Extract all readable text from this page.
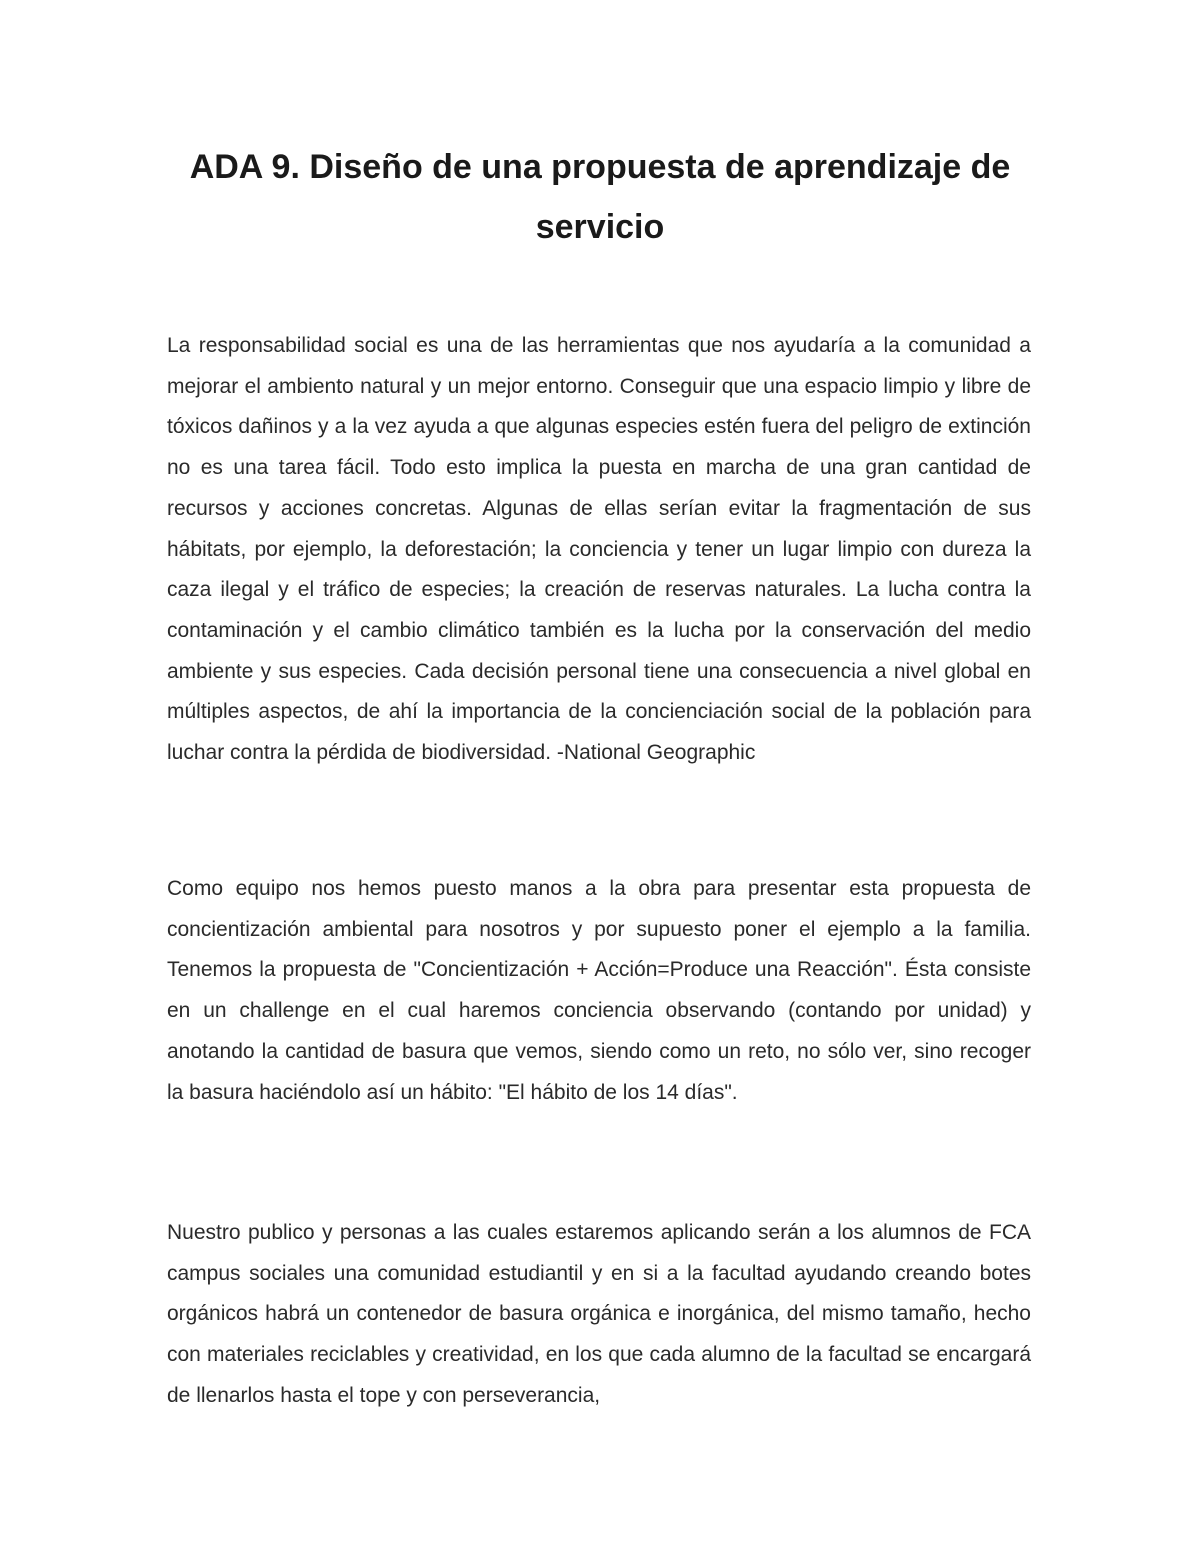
ADA 9. Diseño de una propuesta de aprendizaje de servicio

La responsabilidad social es una de las herramientas que nos ayudaría a la comunidad a mejorar el ambiento natural y un mejor entorno. Conseguir que una espacio limpio y libre de tóxicos dañinos y a la vez ayuda a que algunas especies estén fuera del peligro de extinción no es una tarea fácil. Todo esto implica la puesta en marcha de una gran cantidad de recursos y acciones concretas. Algunas de ellas serían evitar la fragmentación de sus hábitats, por ejemplo, la deforestación; la conciencia y tener un lugar limpio con dureza la caza ilegal y el tráfico de especies; la creación de reservas naturales. La lucha contra la contaminación y el cambio climático también es la lucha por la conservación del medio ambiente y sus especies. Cada decisión personal tiene una consecuencia a nivel global en múltiples aspectos, de ahí la importancia de la concienciación social de la población para luchar contra la pérdida de biodiversidad. -National Geographic

Como equipo nos hemos puesto manos a la obra para presentar esta propuesta de concientización ambiental para nosotros y por supuesto poner el ejemplo a la familia. Tenemos la propuesta de "Concientización + Acción=Produce una Reacción". Ésta consiste en un challenge en el cual haremos conciencia observando (contando por unidad) y anotando la cantidad de basura que vemos, siendo como un reto, no sólo ver, sino recoger la basura haciéndolo así un hábito: "El hábito de los 14 días".

Nuestro publico y personas a las cuales estaremos aplicando serán a los alumnos de FCA campus sociales una comunidad estudiantil y en si a la facultad ayudando creando botes orgánicos habrá un contenedor de basura orgánica e inorgánica, del mismo tamaño, hecho con materiales reciclables y creatividad, en los que cada alumno de la facultad se encargará de llenarlos hasta el tope y con perseverancia,
